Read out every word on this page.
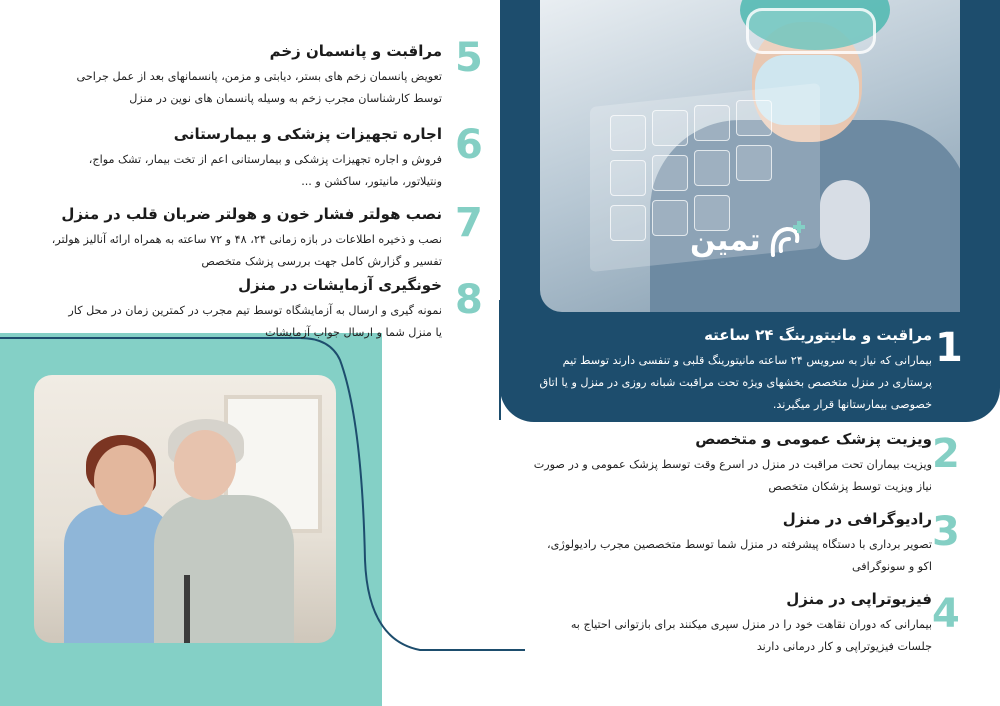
تمین
1
مراقبت و مانیتورینگ ۲۴ ساعته

بیمارانی که نیاز به سرویس ۲۴ ساعته مانیتورینگ قلبی و تنفسی دارند توسط تیم
پرستاری در منزل متخصص بخشهای ویژه تحت مراقبت شبانه روزی در منزل و یا اتاق
خصوصی بیمارستانها قرار میگیرند.

2
ویزیت پزشک عمومی و متخصص

ویزیت بیماران تحت مراقبت در منزل در اسرع وقت توسط پزشک عمومی و در صورت
نیاز ویزیت توسط پزشکان متخصص

3
رادیوگرافی در منزل

تصویر برداری با دستگاه پیشرفته در منزل شما توسط متخصصین مجرب رادیولوژی،
اکو و سونوگرافی

4
فیزیوتراپی در منزل

بیمارانی که دوران نقاهت خود را در منزل سپری میکنند برای بازتوانی احتیاج به
جلسات فیزیوتراپی و کار درمانی دارند

5
مراقبت و پانسمان زخم

تعویض پانسمان زخم های بستر، دیابتی و مزمن، پانسمانهای بعد از عمل جراحی
توسط کارشناسان مجرب زخم به وسیله پانسمان های نوین در منزل

6
اجاره تجهیزات پزشکی و بیمارستانی

فروش و اجاره تجهیزات پزشکی و بیمارستانی اعم از تخت بیمار، تشک مواج،
ونتیلاتور، مانیتور، ساکشن و ...

7
نصب هولتر فشار خون و هولتر ضربان قلب در منزل

نصب و ذخیره اطلاعات در بازه زمانی ۲۴، ۴۸ و ۷۲ ساعته به همراه ارائه آنالیز هولتر،
تفسیر و گزارش کامل جهت بررسی پزشک متخصص

8
خونگیری آزمایشات در منزل

نمونه گیری و ارسال به آزمایشگاه توسط تیم مجرب در کمترین زمان در محل کار
یا منزل شما و ارسال جواب آزمایشات
